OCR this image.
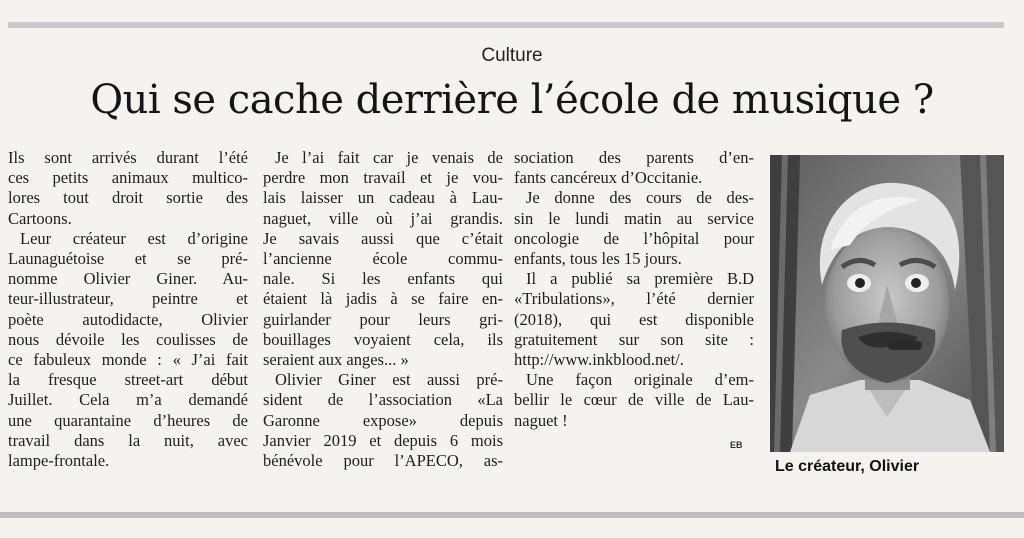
Culture
Qui se cache derrière l’école de musique ?
Ils sont arrivés durant l’été
ces petits animaux multico-
lores tout droit sortie des
Cartoons.
Leur créateur est d’origine
Launaguétoise et se pré-
nomme Olivier Giner. Au-
teur-illustrateur, peintre et
poète autodidacte, Olivier
nous dévoile les coulisses de
ce fabuleux monde : « J’ai fait
la fresque street-art début
Juillet. Cela m’a demandé
une quarantaine d’heures de
travail dans la nuit, avec
lampe-frontale.
Je l’ai fait car je venais de
perdre mon travail et je vou-
lais laisser un cadeau à Lau-
naguet, ville où j’ai grandis.
Je savais aussi que c’était
l’ancienne école commu-
nale. Si les enfants qui
étaient là jadis à se faire en-
guirlander pour leurs gri-
bouillages voyaient cela, ils
seraient aux anges... »
Olivier Giner est aussi pré-
sident de l’association «La
Garonne expose» depuis
Janvier 2019 et depuis 6 mois
bénévole pour l’APECO, as-
sociation des parents d’en-
fants cancéreux d’Occitanie.
Je donne des cours de des-
sin le lundi matin au service
oncologie de l’hôpital pour
enfants, tous les 15 jours.
Il a publié sa première B.D
«Tribulations», l’été dernier
(2018), qui est disponible
gratuitement sur son site :
http://www.inkblood.net/.
Une façon originale d’em-
bellir le cœur de ville de Lau-
naguet !
EB
Le créateur, Olivier
